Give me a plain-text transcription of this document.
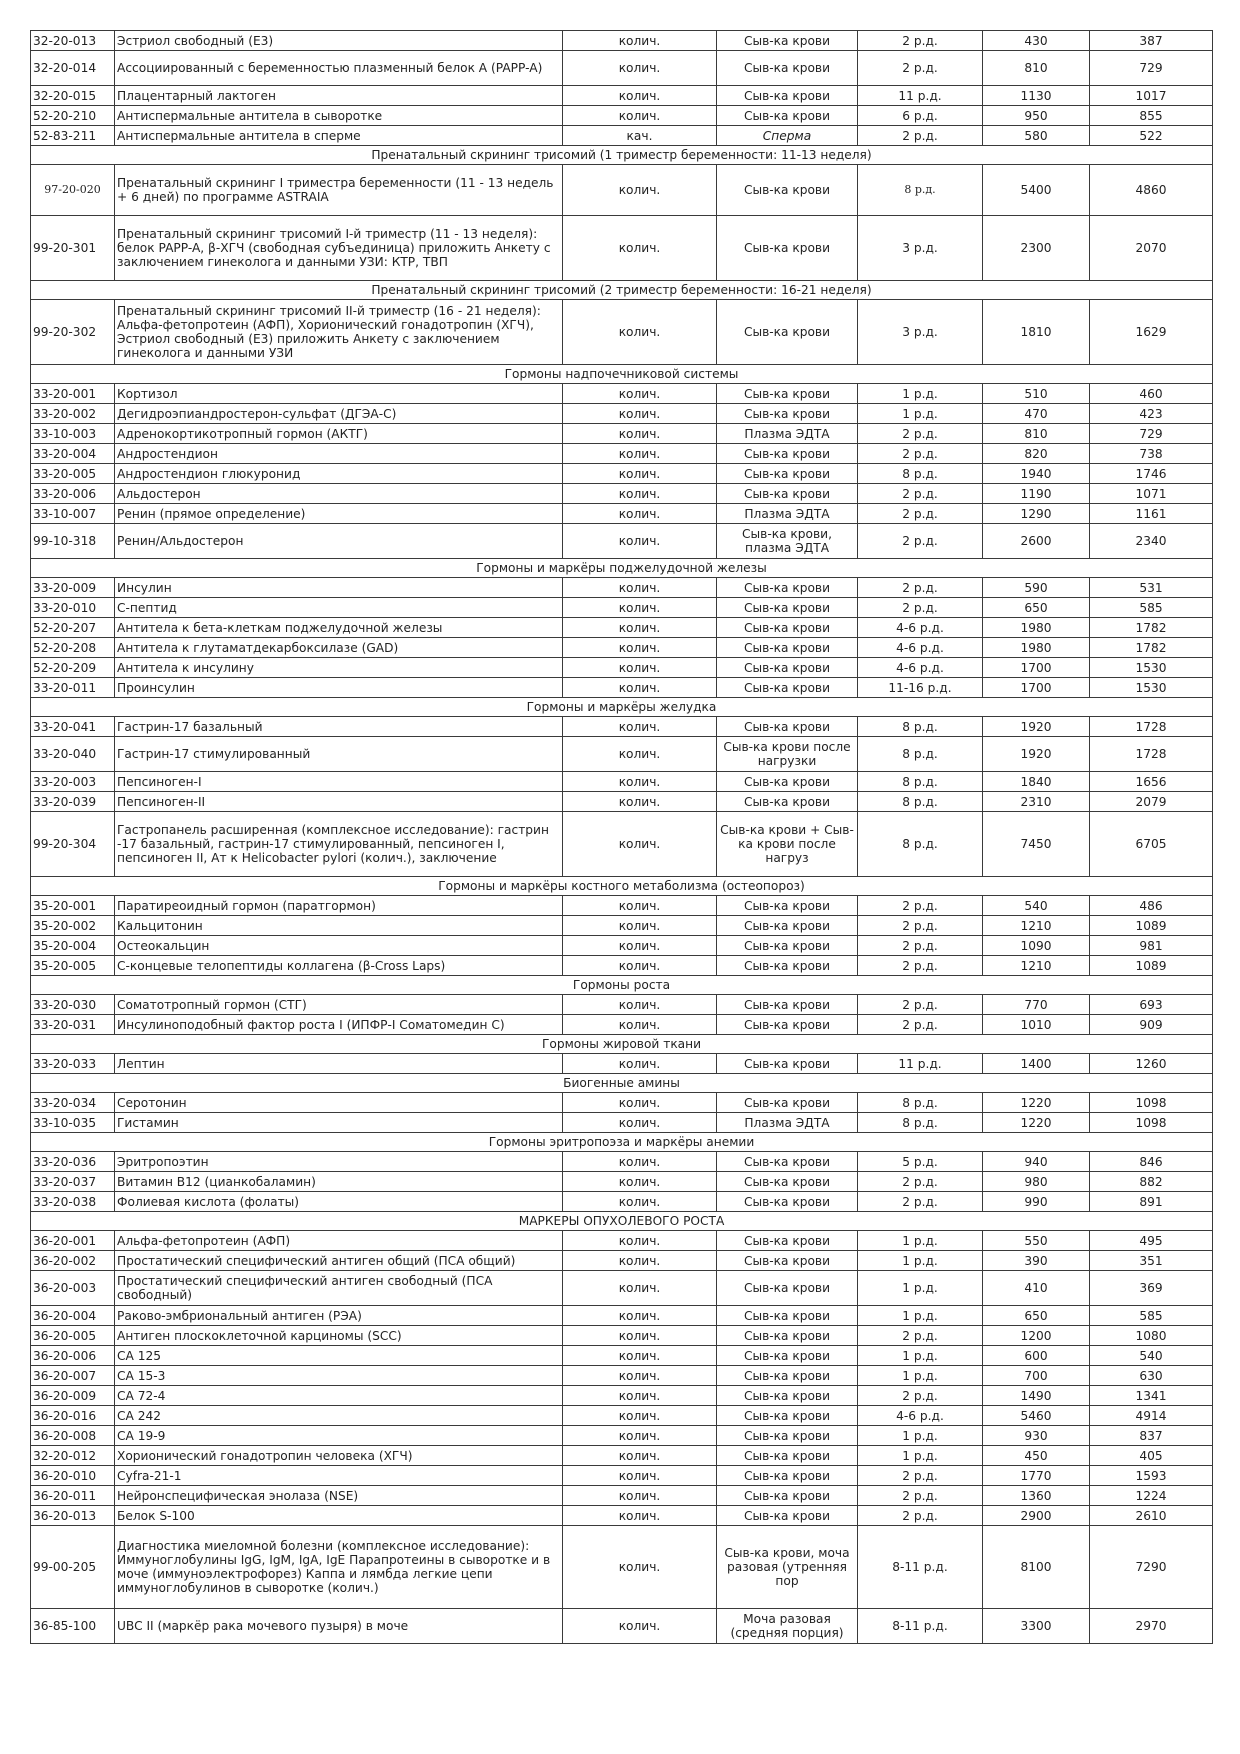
32-20-013	Эстриол свободный (Е3)	колич.	Сыв-ка крови	2 р.д.	430	387
32-20-014	Ассоциированный с беременностью плазменный белок А (PAPP-A)	колич.	Сыв-ка крови	2 р.д.	810	729
32-20-015	Плацентарный лактоген	колич.	Сыв-ка крови	11 р.д.	1130	1017
52-20-210	Антиспермальные антитела в сыворотке	колич.	Сыв-ка крови	6 р.д.	950	855
52-83-211	Антиспермальные антитела в сперме	кач.	Сперма	2 р.д.	580	522
Пренатальный скрининг трисомий (1 триместр беременности: 11-13 неделя)						
97-20-020	Пренатальный скрининг I триместра беременности (11 - 13 недель + 6 дней) по программе ASTRAIA	колич.	Сыв-ка крови	8 р.д.	5400	4860
99-20-301	Пренатальный скрининг трисомий I-й триместр (11 - 13 неделя): белок PAPP-A, β-ХГЧ (свободная субъединица) приложить Анкету с заключением гинеколога и данными УЗИ: КТР, ТВП	колич.	Сыв-ка крови	3 р.д.	2300	2070
Пренатальный скрининг трисомий (2 триместр беременности: 16-21 неделя)						
99-20-302	Пренатальный скрининг трисомий II-й триместр (16 - 21 неделя): Альфа-фетопротеин (АФП), Хорионический гонадотропин (ХГЧ), Эстриол свободный (Е3) приложить Анкету с заключением гинеколога и данными УЗИ	колич.	Сыв-ка крови	3 р.д.	1810	1629
Гормоны надпочечниковой системы						
33-20-001	Кортизол	колич.	Сыв-ка крови	1 р.д.	510	460
33-20-002	Дегидроэпиандростерон-сульфат (ДГЭА-С)	колич.	Сыв-ка крови	1 р.д.	470	423
33-10-003	Адренокортикотропный гормон (АКТГ)	колич.	Плазма ЭДТА	2 р.д.	810	729
33-20-004	Андростендион	колич.	Сыв-ка крови	2 р.д.	820	738
33-20-005	Андростендион глюкуронид	колич.	Сыв-ка крови	8 р.д.	1940	1746
33-20-006	Альдостерон	колич.	Сыв-ка крови	2 р.д.	1190	1071
33-10-007	Ренин (прямое определение)	колич.	Плазма ЭДТА	2 р.д.	1290	1161
99-10-318	Ренин/Альдостерон	колич.	Сыв-ка крови, плазма ЭДТА	2 р.д.	2600	2340
Гормоны и маркёры поджелудочной железы						
33-20-009	Инсулин	колич.	Сыв-ка крови	2 р.д.	590	531
33-20-010	С-пептид	колич.	Сыв-ка крови	2 р.д.	650	585
52-20-207	Антитела к бета-клеткам поджелудочной железы	колич.	Сыв-ка крови	4-6 р.д.	1980	1782
52-20-208	Антитела к глутаматдекарбоксилазе (GAD)	колич.	Сыв-ка крови	4-6 р.д.	1980	1782
52-20-209	Антитела к инсулину	колич.	Сыв-ка крови	4-6 р.д.	1700	1530
33-20-011	Проинсулин	колич.	Сыв-ка крови	11-16 р.д.	1700	1530
Гормоны и маркёры желудка						
33-20-041	Гастрин-17 базальный	колич.	Сыв-ка крови	8 р.д.	1920	1728
33-20-040	Гастрин-17 стимулированный	колич.	Сыв-ка крови после нагрузки	8 р.д.	1920	1728
33-20-003	Пепсиноген-I	колич.	Сыв-ка крови	8 р.д.	1840	1656
33-20-039	Пепсиноген-II	колич.	Сыв-ка крови	8 р.д.	2310	2079
99-20-304	Гастропанель расширенная (комплексное исследование): гастрин -17 базальный, гастрин-17 стимулированный, пепсиноген I, пепсиноген II, Ат к Helicobacter pylori (колич.), заключение	колич.	Сыв-ка крови + Сыв-ка крови после нагруз	8 р.д.	7450	6705
Гормоны и маркёры костного метаболизма (остеопороз)						
35-20-001	Паратиреоидный гормон (паратгормон)	колич.	Сыв-ка крови	2 р.д.	540	486
35-20-002	Кальцитонин	колич.	Сыв-ка крови	2 р.д.	1210	1089
35-20-004	Остеокальцин	колич.	Сыв-ка крови	2 р.д.	1090	981
35-20-005	С-концевые телопептиды коллагена (β-Cross Laps)	колич.	Сыв-ка крови	2 р.д.	1210	1089
Гормоны роста						
33-20-030	Соматотропный гормон (СТГ)	колич.	Сыв-ка крови	2 р.д.	770	693
33-20-031	Инсулиноподобный фактор роста I (ИПФР-I Соматомедин С)	колич.	Сыв-ка крови	2 р.д.	1010	909
Гормоны жировой ткани						
33-20-033	Лептин	колич.	Сыв-ка крови	11 р.д.	1400	1260
Биогенные амины						
33-20-034	Серотонин	колич.	Сыв-ка крови	8 р.д.	1220	1098
33-10-035	Гистамин	колич.	Плазма ЭДТА	8 р.д.	1220	1098
Гормоны эритропоэза и маркёры анемии						
33-20-036	Эритропоэтин	колич.	Сыв-ка крови	5 р.д.	940	846
33-20-037	Витамин В12 (цианкобаламин)	колич.	Сыв-ка крови	2 р.д.	980	882
33-20-038	Фолиевая кислота (фолаты)	колич.	Сыв-ка крови	2 р.д.	990	891
МАРКЕРЫ ОПУХОЛЕВОГО РОСТА						
36-20-001	Альфа-фетопротеин (АФП)	колич.	Сыв-ка крови	1 р.д.	550	495
36-20-002	Простатический специфический антиген общий (ПСА общий)	колич.	Сыв-ка крови	1 р.д.	390	351
36-20-003	Простатический специфический антиген свободный (ПСА свободный)	колич.	Сыв-ка крови	1 р.д.	410	369
36-20-004	Раково-эмбриональный антиген (РЭА)	колич.	Сыв-ка крови	1 р.д.	650	585
36-20-005	Антиген плоскоклеточной карциномы (SCC)	колич.	Сыв-ка крови	2 р.д.	1200	1080
36-20-006	СА 125	колич.	Сыв-ка крови	1 р.д.	600	540
36-20-007	СА 15-3	колич.	Сыв-ка крови	1 р.д.	700	630
36-20-009	СА 72-4	колич.	Сыв-ка крови	2 р.д.	1490	1341
36-20-016	СА 242	колич.	Сыв-ка крови	4-6 р.д.	5460	4914
36-20-008	СА 19-9	колич.	Сыв-ка крови	1 р.д.	930	837
32-20-012	Хорионический гонадотропин человека (ХГЧ)	колич.	Сыв-ка крови	1 р.д.	450	405
36-20-010	Cyfra-21-1	колич.	Сыв-ка крови	2 р.д.	1770	1593
36-20-011	Нейронспецифическая энолаза (NSE)	колич.	Сыв-ка крови	2 р.д.	1360	1224
36-20-013	Белок S-100	колич.	Сыв-ка крови	2 р.д.	2900	2610
99-00-205	Диагностика миеломной болезни (комплексное исследование): Иммуноглобулины IgG, IgM, IgA, IgE Парапротеины в сыворотке и в моче (иммуноэлектрофорез) Каппа и лямбда легкие цепи иммуноглобулинов в сыворотке (колич.)	колич.	Сыв-ка крови, моча разовая (утренняя пор	8-11 р.д.	8100	7290
36-85-100	UBC II (маркёр рака мочевого пузыря) в моче	колич.	Моча разовая (средняя порция)	8-11 р.д.	3300	2970
